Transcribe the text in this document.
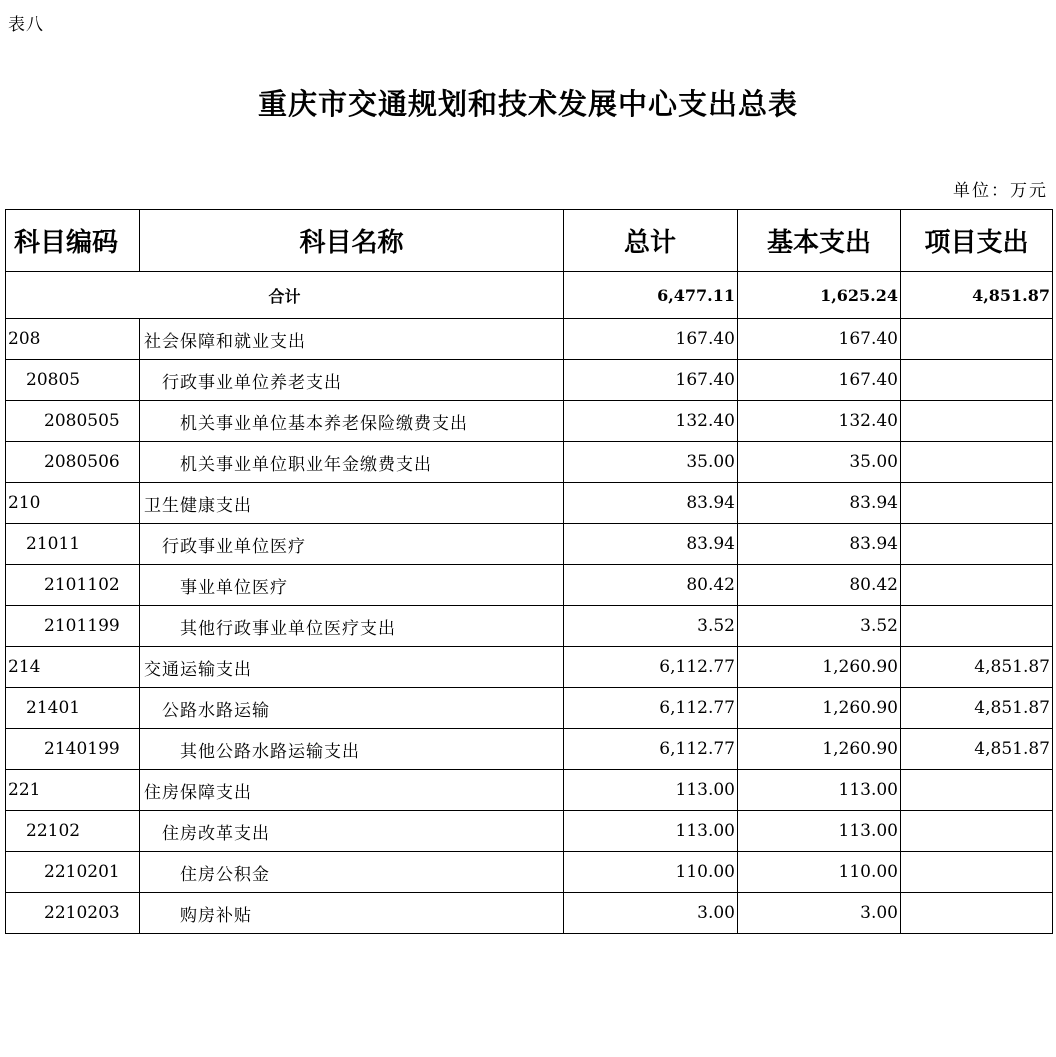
表八
重庆市交通规划和技术发展中心支出总表
单位：万元
科目编码	科目名称	总计	基本支出	项目支出
合计		6,477.11	1,625.24	4,851.87
208	社会保障和就业支出	167.40	167.40	
20805	行政事业单位养老支出	167.40	167.40	
2080505	机关事业单位基本养老保险缴费支出	132.40	132.40	
2080506	机关事业单位职业年金缴费支出	35.00	35.00	
210	卫生健康支出	83.94	83.94	
21011	行政事业单位医疗	83.94	83.94	
2101102	事业单位医疗	80.42	80.42	
2101199	其他行政事业单位医疗支出	3.52	3.52	
214	交通运输支出	6,112.77	1,260.90	4,851.87
21401	公路水路运输	6,112.77	1,260.90	4,851.87
2140199	其他公路水路运输支出	6,112.77	1,260.90	4,851.87
221	住房保障支出	113.00	113.00	
22102	住房改革支出	113.00	113.00	
2210201	住房公积金	110.00	110.00	
2210203	购房补贴	3.00	3.00	
